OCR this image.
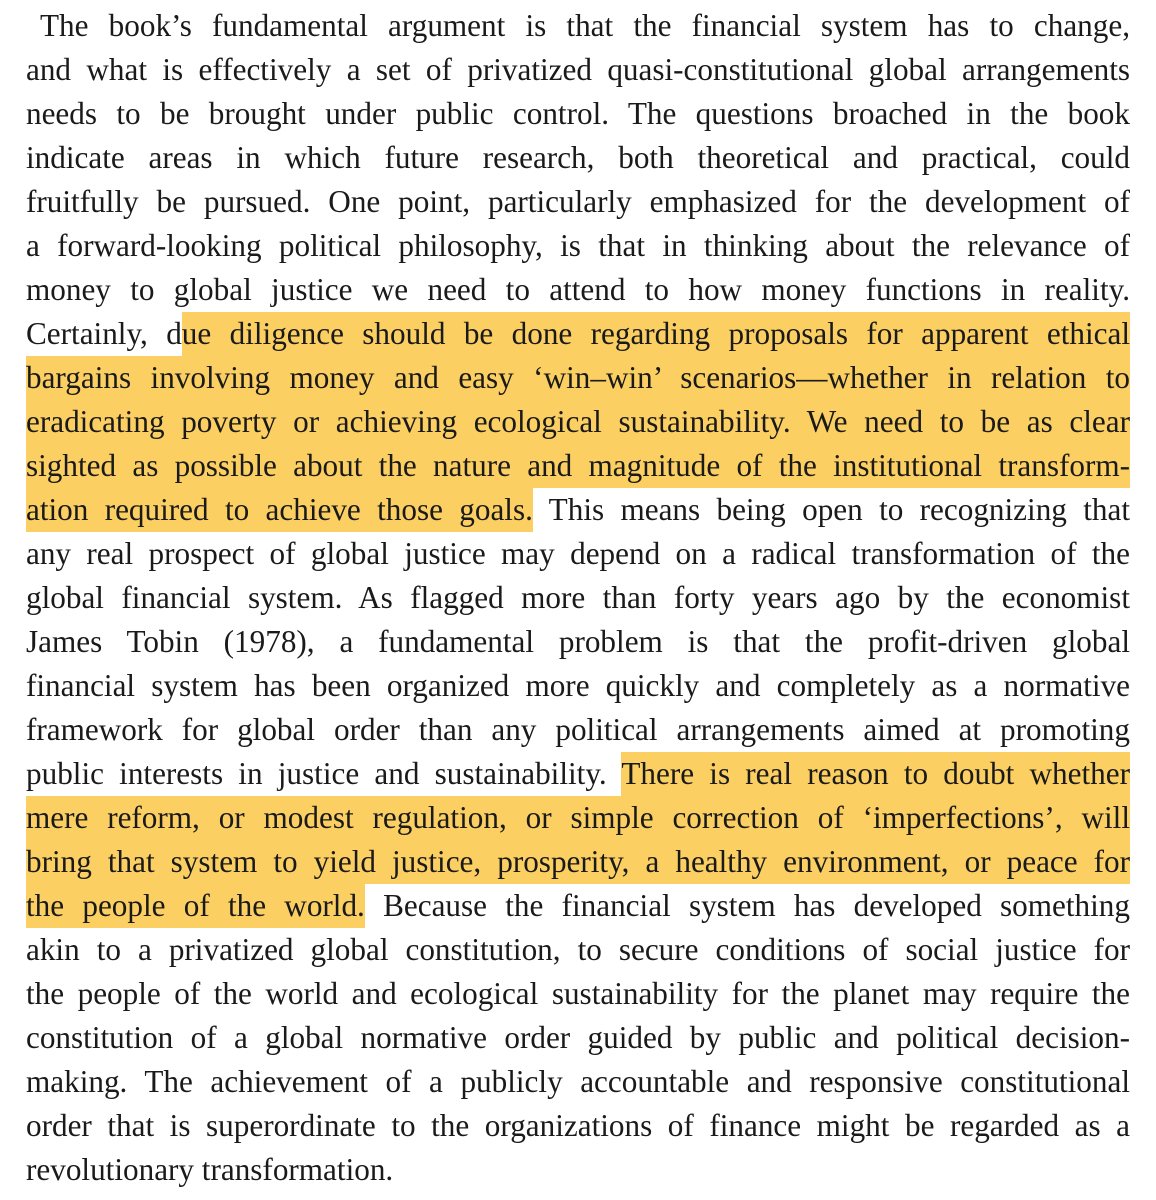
The book’s fundamental argument is that the financial system has to change,
and what is effectively a set of privatized quasi-constitutional global arrangements
needs to be brought under public control. The questions broached in the book
indicate areas in which future research, both theoretical and practical, could
fruitfully be pursued. One point, particularly emphasized for the development of
a forward-looking political philosophy, is that in thinking about the relevance of
money to global justice we need to attend to how money functions in reality.
Certainly, due diligence should be done regarding proposals for apparent ethical
bargains involving money and easy ‘win–win’ scenarios—whether in relation to
eradicating poverty or achieving ecological sustainability. We need to be as clear
sighted as possible about the nature and magnitude of the institutional transform-
ation required to achieve those goals. This means being open to recognizing that
any real prospect of global justice may depend on a radical transformation of the
global financial system. As flagged more than forty years ago by the economist
James Tobin (1978), a fundamental problem is that the profit-driven global
financial system has been organized more quickly and completely as a normative
framework for global order than any political arrangements aimed at promoting
public interests in justice and sustainability. There is real reason to doubt whether
mere reform, or modest regulation, or simple correction of ‘imperfections’, will
bring that system to yield justice, prosperity, a healthy environment, or peace for
the people of the world. Because the financial system has developed something
akin to a privatized global constitution, to secure conditions of social justice for
the people of the world and ecological sustainability for the planet may require the
constitution of a global normative order guided by public and political decision-
making. The achievement of a publicly accountable and responsive constitutional
order that is superordinate to the organizations of finance might be regarded as a
revolutionary transformation.
